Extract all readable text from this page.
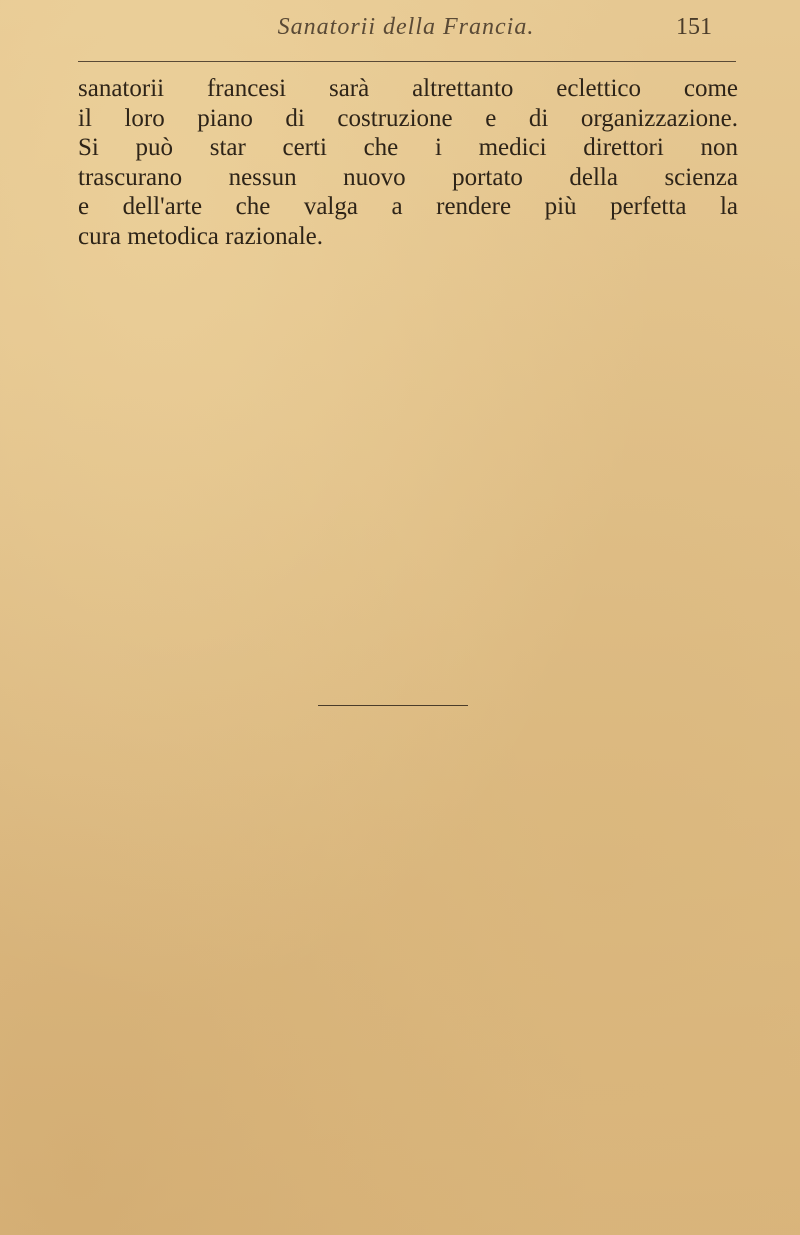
Sanatorii della Francia.	151
sanatorii francesi sarà altrettanto eclettico come
il loro piano di costruzione e di organizzazione.
Si può star certi che i medici direttori non
trascurano nessun nuovo portato della scienza
e dell'arte che valga a rendere più perfetta la
cura metodica razionale.
